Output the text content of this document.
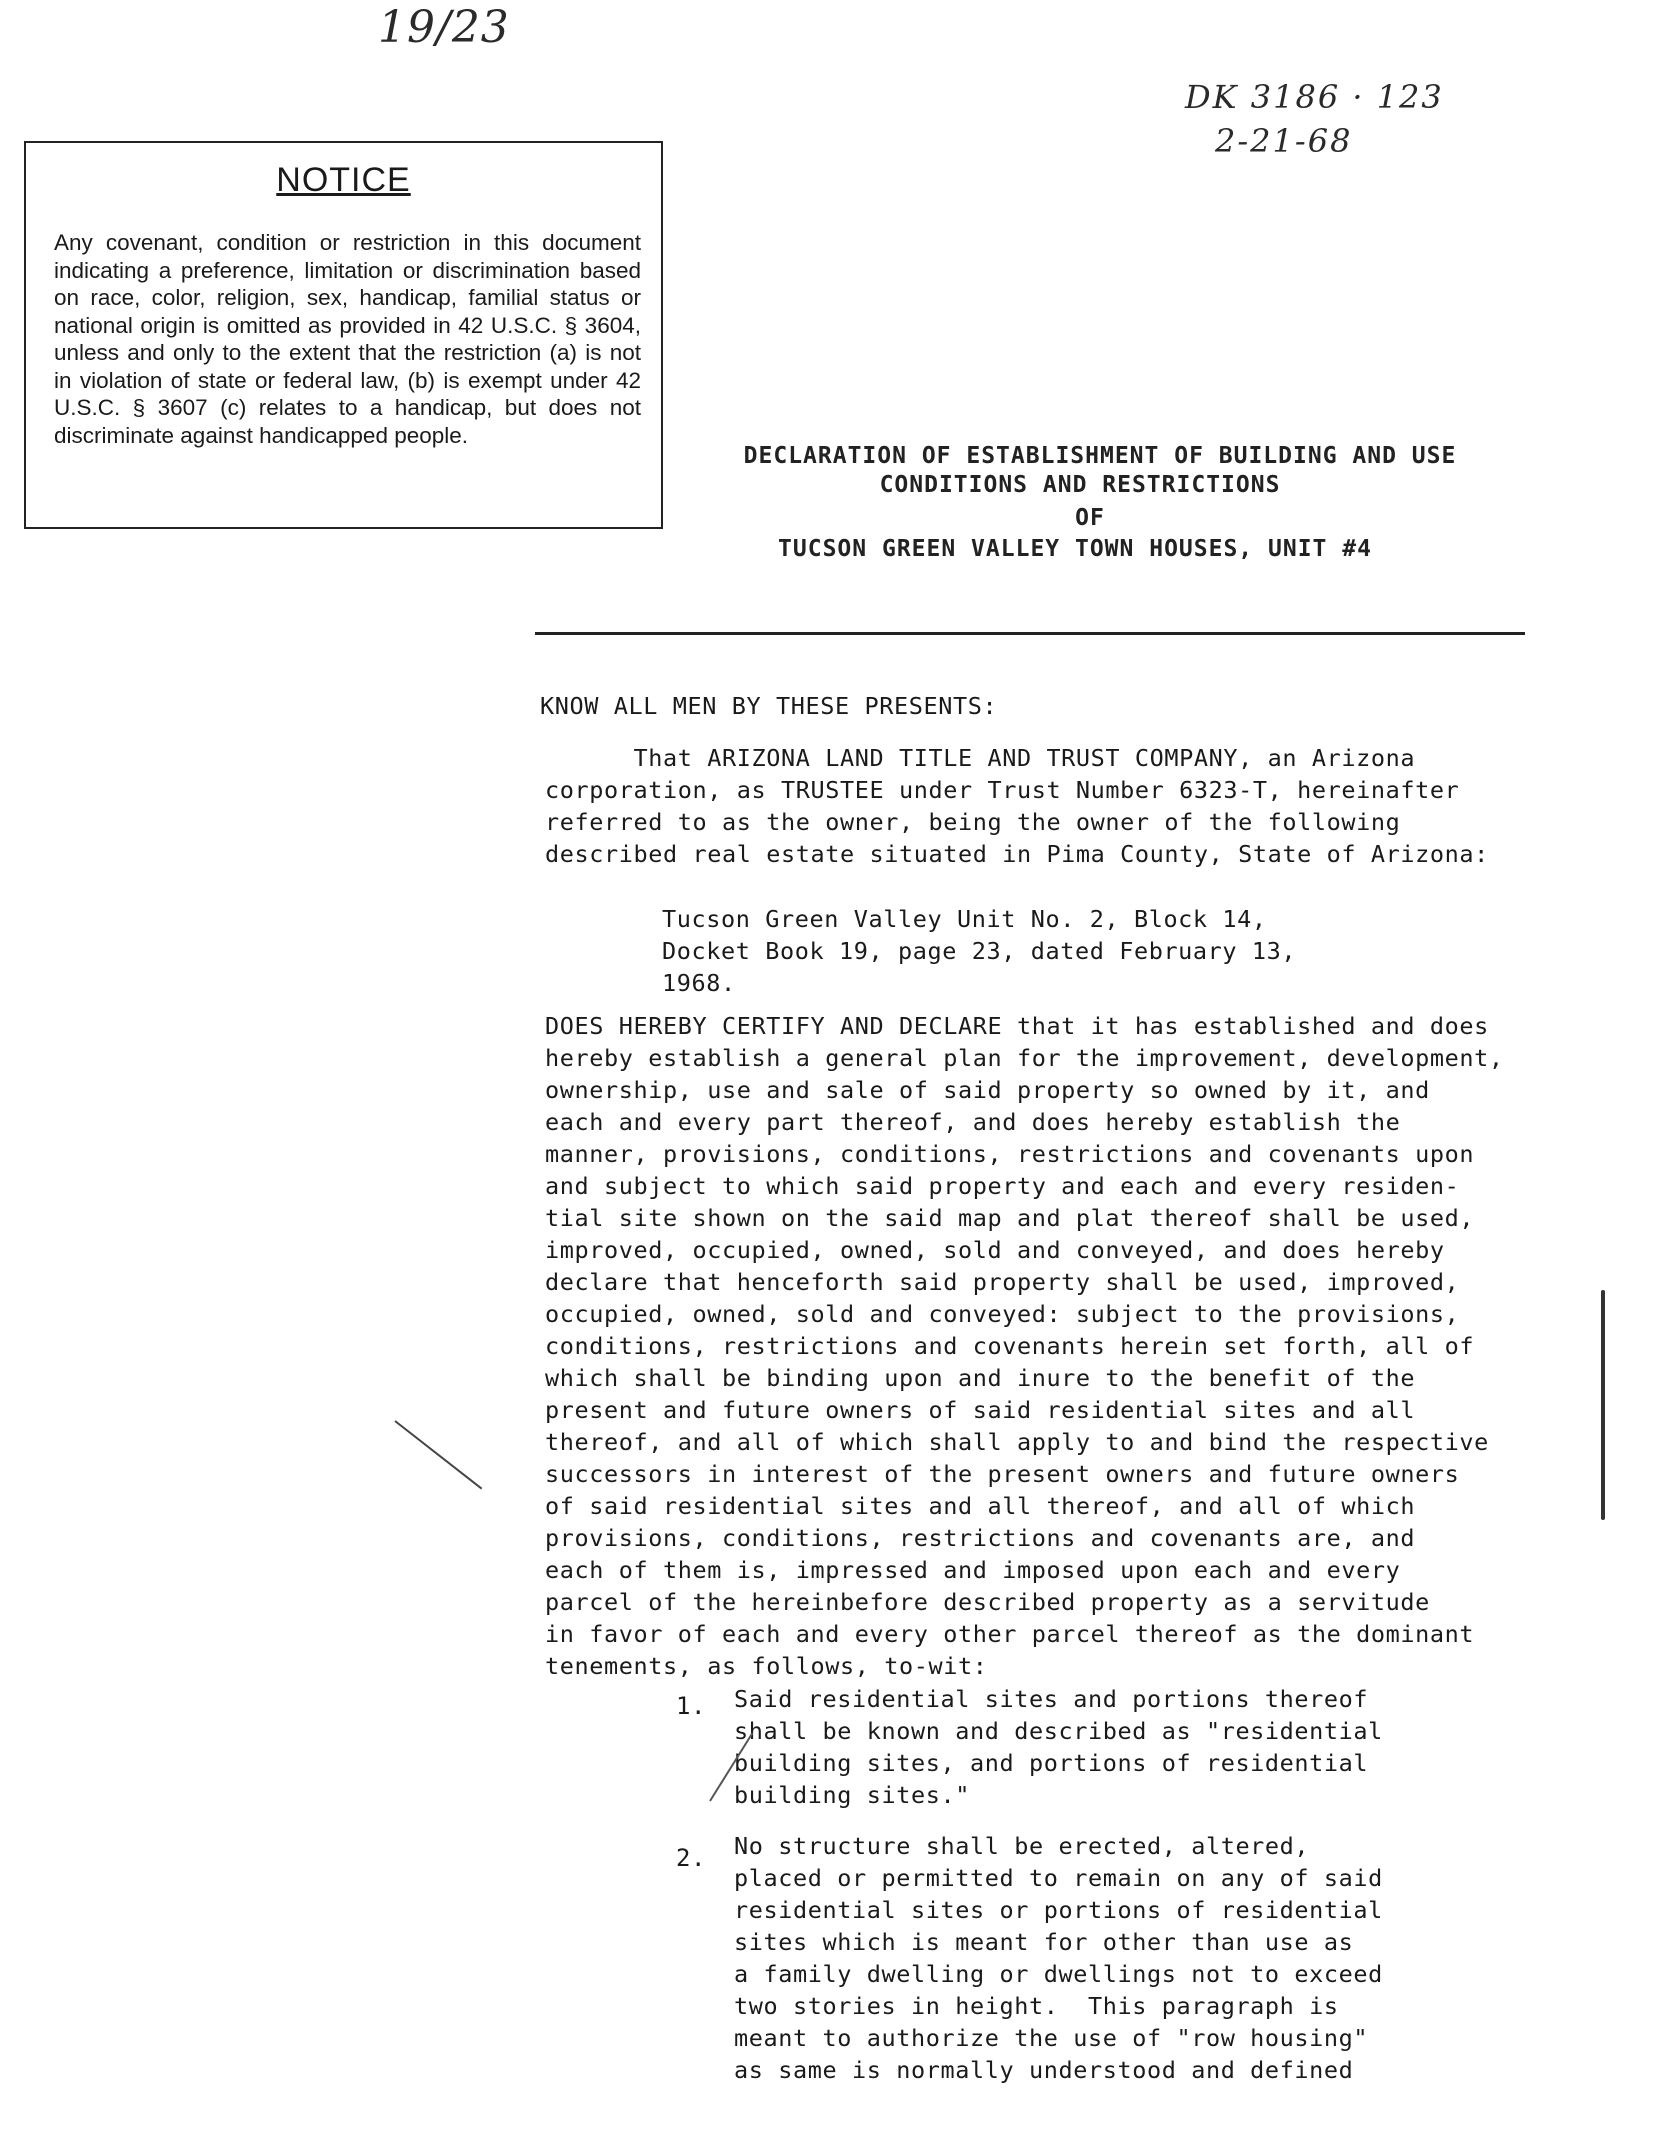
19/23
DK 3186 · 123
2-21-68
NOTICE
Any covenant, condition or restriction in this document indicating a preference, limitation or discrimination based on race, color, religion, sex, handicap, familial status or national origin is omitted as provided in 42 U.S.C. § 3604, unless and only to the extent that the restriction (a) is not in violation of state or federal law, (b) is exempt under 42 U.S.C. § 3607 (c) relates to a handicap, but does not discriminate against handicapped people.
DECLARATION OF ESTABLISHMENT OF BUILDING AND USE
CONDITIONS AND RESTRICTIONS
OF
TUCSON GREEN VALLEY TOWN HOUSES, UNIT #4
KNOW ALL MEN BY THESE PRESENTS:
That ARIZONA LAND TITLE AND TRUST COMPANY, an Arizona
corporation, as TRUSTEE under Trust Number 6323-T, hereinafter
referred to as the owner, being the owner of the following
described real estate situated in Pima County, State of Arizona:
Tucson Green Valley Unit No. 2, Block 14,
Docket Book 19, page 23, dated February 13,
1968.
DOES HEREBY CERTIFY AND DECLARE that it has established and does
hereby establish a general plan for the improvement, development,
ownership, use and sale of said property so owned by it, and
each and every part thereof, and does hereby establish the
manner, provisions, conditions, restrictions and covenants upon
and subject to which said property and each and every residen-
tial site shown on the said map and plat thereof shall be used,
improved, occupied, owned, sold and conveyed, and does hereby
declare that henceforth said property shall be used, improved,
occupied, owned, sold and conveyed: subject to the provisions,
conditions, restrictions and covenants herein set forth, all of
which shall be binding upon and inure to the benefit of the
present and future owners of said residential sites and all
thereof, and all of which shall apply to and bind the respective
successors in interest of the present owners and future owners
of said residential sites and all thereof, and all of which
provisions, conditions, restrictions and covenants are, and
each of them is, impressed and imposed upon each and every
parcel of the hereinbefore described property as a servitude
in favor of each and every other parcel thereof as the dominant
tenements, as follows, to-wit:
1. Said residential sites and portions thereof
shall be known and described as "residential
building sites, and portions of residential
building sites."
2. No structure shall be erected, altered,
placed or permitted to remain on any of said
residential sites or portions of residential
sites which is meant for other than use as
a family dwelling or dwellings not to exceed
two stories in height.  This paragraph is
meant to authorize the use of "row housing"
as same is normally understood and defined
